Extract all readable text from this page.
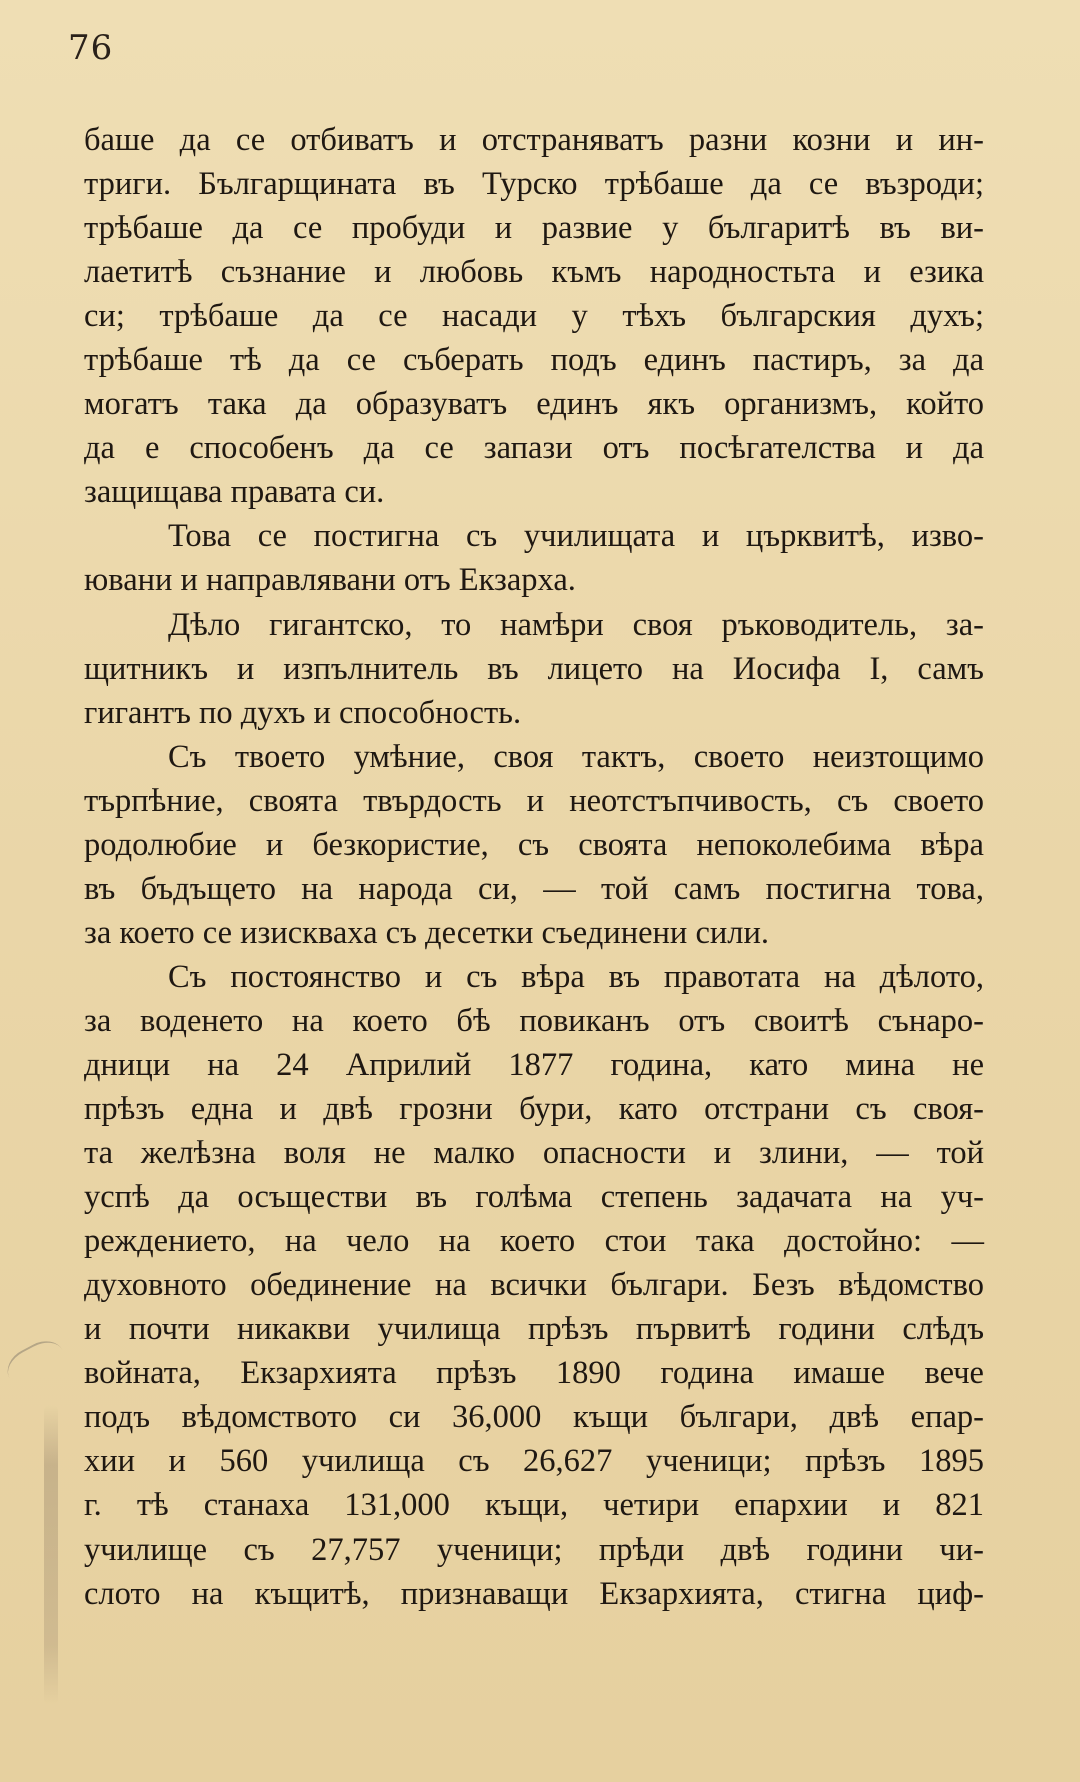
76
баше да се отбиватъ и отстраняватъ разни козни и ин-
триги. Българщината въ Турско трѣбаше да се възроди;
трѣбаше да се пробуди и развие у българитѣ въ ви-
лаетитѣ съзнание и любовь къмъ народностьта и езика
си; трѣбаше да се насади у тѣхъ българския духъ;
трѣбаше тѣ да се съберать подъ единъ пастиръ, за да
могатъ така да образуватъ единъ якъ организмъ, който
да е способенъ да се запази отъ посѣгателства и да
защищава правата си.
Това се постигна съ училищата и църквитѣ, изво-
ювани и направлявани отъ Екзарха.
Дѣло гигантско, то намѣри своя ръководитель, за-
щитникъ и изпълнитель въ лицето на Иосифа I, самъ
гигантъ по духъ и способность.
Съ твоето умѣние, своя тактъ, своето неизтощимо
търпѣние, своята твърдость и неотстъпчивость, съ своето
родолюбие и безкористие, съ своята непоколебима вѣра
въ бъдъщето на народа си, — той самъ постигна това,
за което се изискваха съ десетки съединени сили.
Съ постоянство и съ вѣра въ правотата на дѣлото,
за воденето на което бѣ повиканъ отъ своитѣ сънаро-
дници на 24 Априлий 1877 година, като мина не
прѣзъ една и двѣ грозни бури, като отстрани съ своя-
та желѣзна воля не малко опасности и злини, — той
успѣ да осъществи въ голѣма степень задачата на уч-
реждението, на чело на което стои така достойно: —
духовното обединение на всички българи. Безъ вѣдомство
и почти никакви училища прѣзъ първитѣ години слѣдъ
войната, Екзархията прѣзъ 1890 година имаше вече
подъ вѣдомството си 36,000 къщи българи, двѣ епар-
хии и 560 училища съ 26,627 ученици; прѣзъ 1895
г. тѣ станаха 131,000 къщи, четири епархии и 821
училище съ 27,757 ученици; прѣди двѣ години чи-
слото на къщитѣ, признаващи Екзархията, стигна циф-
